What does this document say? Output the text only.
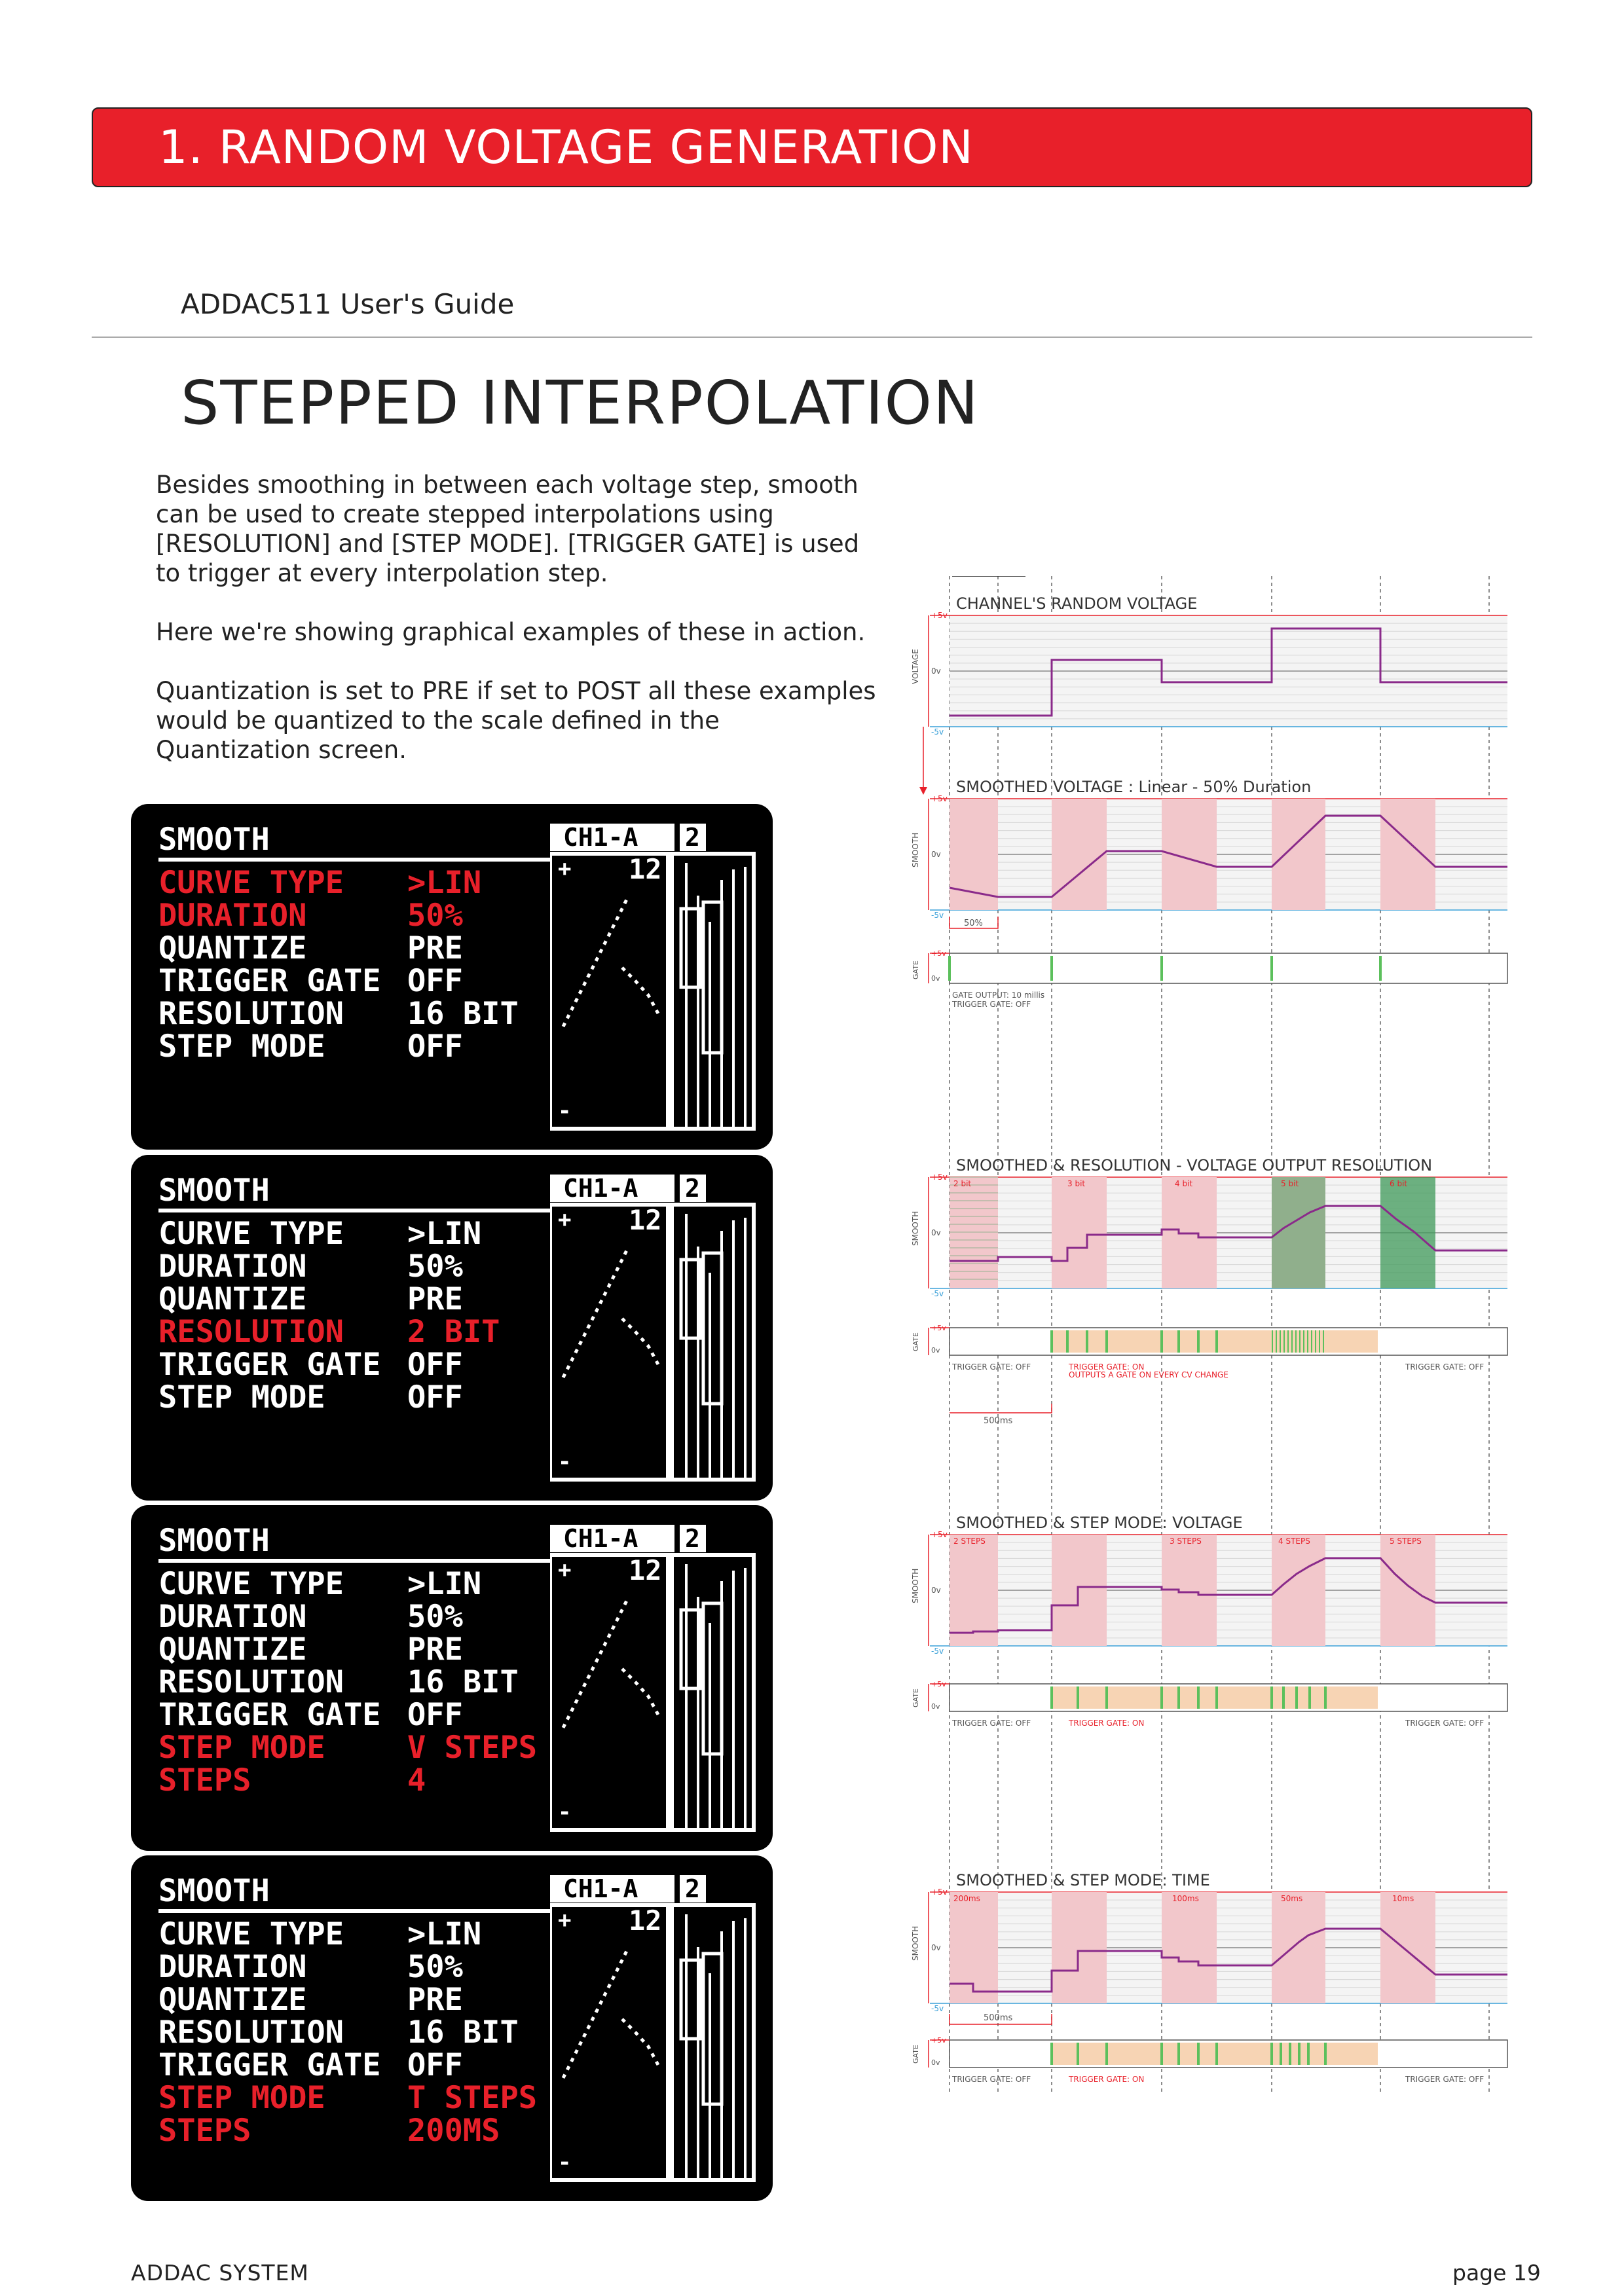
1. RANDOM VOLTAGE GENERATION
ADDAC511 User's Guide
STEPPED INTERPOLATION

Besides smoothing in between each voltage step, smooth can be used to create stepped interpolations using [RESOLUTION] and [STEP MODE]. [TRIGGER GATE] is used to trigger at every interpolation step.

Here we're showing graphical examples of these in action.

Quantization is set to PRE if set to POST all these examples would be quantized to the scale defined in the Quantization screen.

SMOOTH
CURVE TYPE	>LIN
DURATION	50%
QUANTIZE	PRE
TRIGGER GATE OFF
RESOLUTION	16 BIT
STEP MODE	OFF
CH1-A 2
+ 12
-
SMOOTH
CURVE TYPE	>LIN
DURATION	50%
QUANTIZE	PRE
RESOLUTION	2 BIT
TRIGGER GATE OFF
STEP MODE	OFF
CH1-A 2
+ 12
-
SMOOTH
CURVE TYPE	>LIN
DURATION	50%
QUANTIZE	PRE
RESOLUTION	16 BIT
TRIGGER GATE OFF
STEP MODE	V STEPS
STEPS	4
CH1-A 2
+ 12
-
SMOOTH
CURVE TYPE	>LIN
DURATION	50%
QUANTIZE	PRE
RESOLUTION	16 BIT
TRIGGER GATE OFF
STEP MODE	T STEPS
STEPS	200MS
CH1-A 2
+ 12
-
+5v
0v
-5v
VOLTAGE
CHANNEL'S RANDOM VOLTAGE
+5v
0v
-5v
SMOOTH
SMOOTHED VOLTAGE : Linear - 50% Duration
50%
+5v
0v
GATE
GATE OUTPUT: 10 millis
TRIGGER GATE: OFF
+5v
0v
-5v
SMOOTH
SMOOTHED & RESOLUTION - VOLTAGE OUTPUT RESOLUTION
2 bit	3 bit	4 bit	5 bit	6 bit
+5v
0v
GATE
TRIGGER GATE: OFF	TRIGGER GATE: ON
OUTPUTS A GATE ON EVERY CV CHANGE
TRIGGER GATE: OFF
500ms
+5v
0v
-5v
SMOOTH
SMOOTHED & STEP MODE: VOLTAGE
2 STEPS	3 STEPS	4 STEPS	5 STEPS
+5v
0v
GATE
TRIGGER GATE: OFF	TRIGGER GATE: ON	TRIGGER GATE: OFF
+5v
0v
-5v
SMOOTH
SMOOTHED & STEP MODE: TIME
200ms	100ms	50ms	10ms
500ms
+5v
0v
GATE
TRIGGER GATE: OFF	TRIGGER GATE: ON	TRIGGER GATE: OFF
ADDAC SYSTEM	page 19
